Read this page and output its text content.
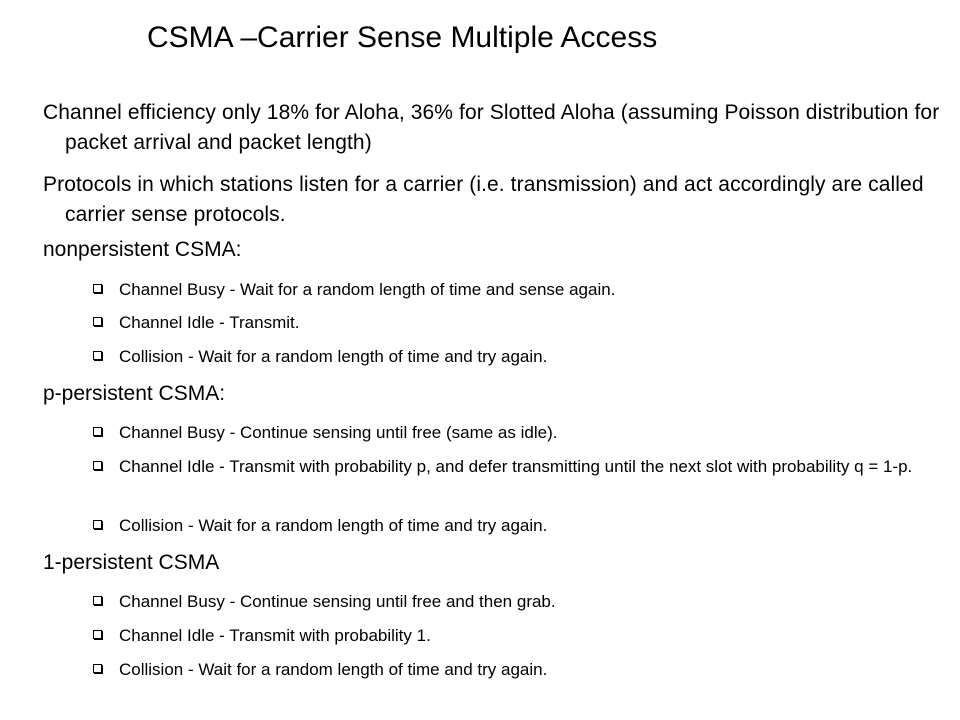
CSMA –Carrier Sense Multiple Access
Channel efficiency only 18% for Aloha, 36% for Slotted Aloha (assuming Poisson distribution for packet arrival and packet length)
Protocols in which stations listen for a carrier (i.e. transmission) and act accordingly are called carrier sense protocols.
nonpersistent CSMA:
Channel Busy - Wait for a random length of time and sense again.
Channel Idle - Transmit.
Collision - Wait for a random length of time and try again.
p-persistent CSMA:
Channel Busy - Continue sensing until free (same as idle).
Channel Idle - Transmit with probability p, and defer transmitting until the next slot with probability q = 1-p.
Collision - Wait for a random length of time and try again.
1-persistent CSMA
Channel Busy - Continue sensing until free and then grab.
Channel Idle - Transmit with probability 1.
Collision - Wait for a random length of time and try again.
